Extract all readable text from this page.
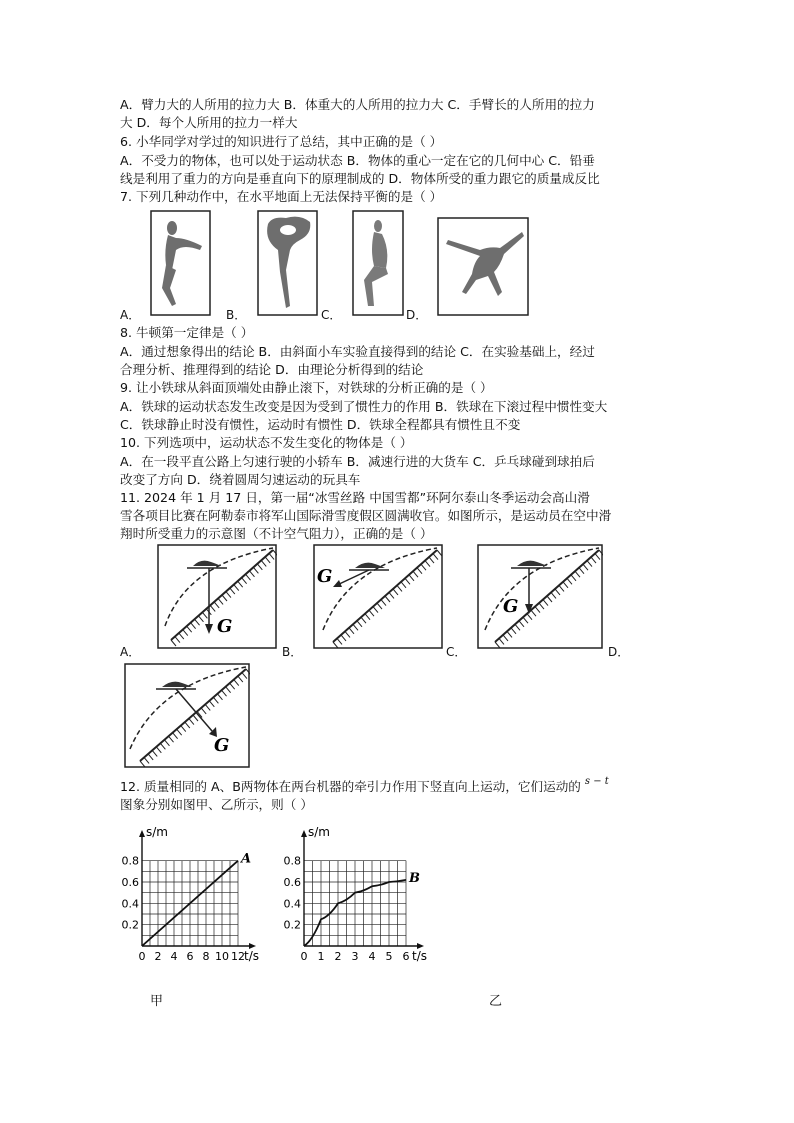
A．臂力大的人所用的拉力大 B．体重大的人所用的拉力大 C．手臂长的人所用的拉力
大 D．每个人所用的拉力一样大
6. 小华同学对学过的知识进行了总结，其中正确的是（ ）
A．不受力的物体，也可以处于运动状态 B．物体的重心一定在它的几何中心 C．铅垂
线是利用了重力的方向是垂直向下的原理制成的 D．物体所受的重力跟它的质量成反比
7. 下列几种动作中，在水平地面上无法保持平衡的是（ ）
A．	B．	C．	D．
8. 牛顿第一定律是（ ）
A．通过想象得出的结论 B．由斜面小车实验直接得到的结论 C．在实验基础上，经过
合理分析、推理得到的结论 D．由理论分析得到的结论
9. 让小铁球从斜面顶端处由静止滚下，对铁球的分析正确的是（ ）
A．铁球的运动状态发生改变是因为受到了惯性力的作用 B．铁球在下滚过程中惯性变大
C．铁球静止时没有惯性，运动时有惯性 D．铁球全程都具有惯性且不变
10. 下列选项中，运动状态不发生变化的物体是（ ）
A．在一段平直公路上匀速行驶的小轿车 B．减速行进的大货车 C．乒乓球碰到球拍后
改变了方向 D．绕着圆周匀速运动的玩具车
11. 2024 年 1 月 17 日，第一届“冰雪丝路 中国雪都”环阿尔泰山冬季运动会高山滑
雪各项目比赛在阿勒泰市将军山国际滑雪度假区圆满收官。如图所示，是运动员在空中滑
翔时所受重力的示意图（不计空气阻力），正确的是（ ）
G
G
G
G
A．	B．	C．	D．
12. 质量相同的 A、B两物体在两台机器的牵引力作用下竖直向上运动，它们运动的 $^{s - t}$
图象分别如图甲、乙所示，则（ ）
0 2 4 6 8 10 12
0.2
0.4
0.6
0.8
s/m
t/s
A
0 1 2 3 4 5 6
0.2
0.4
0.6
0.8
s/m
t/s
B
甲	乙
